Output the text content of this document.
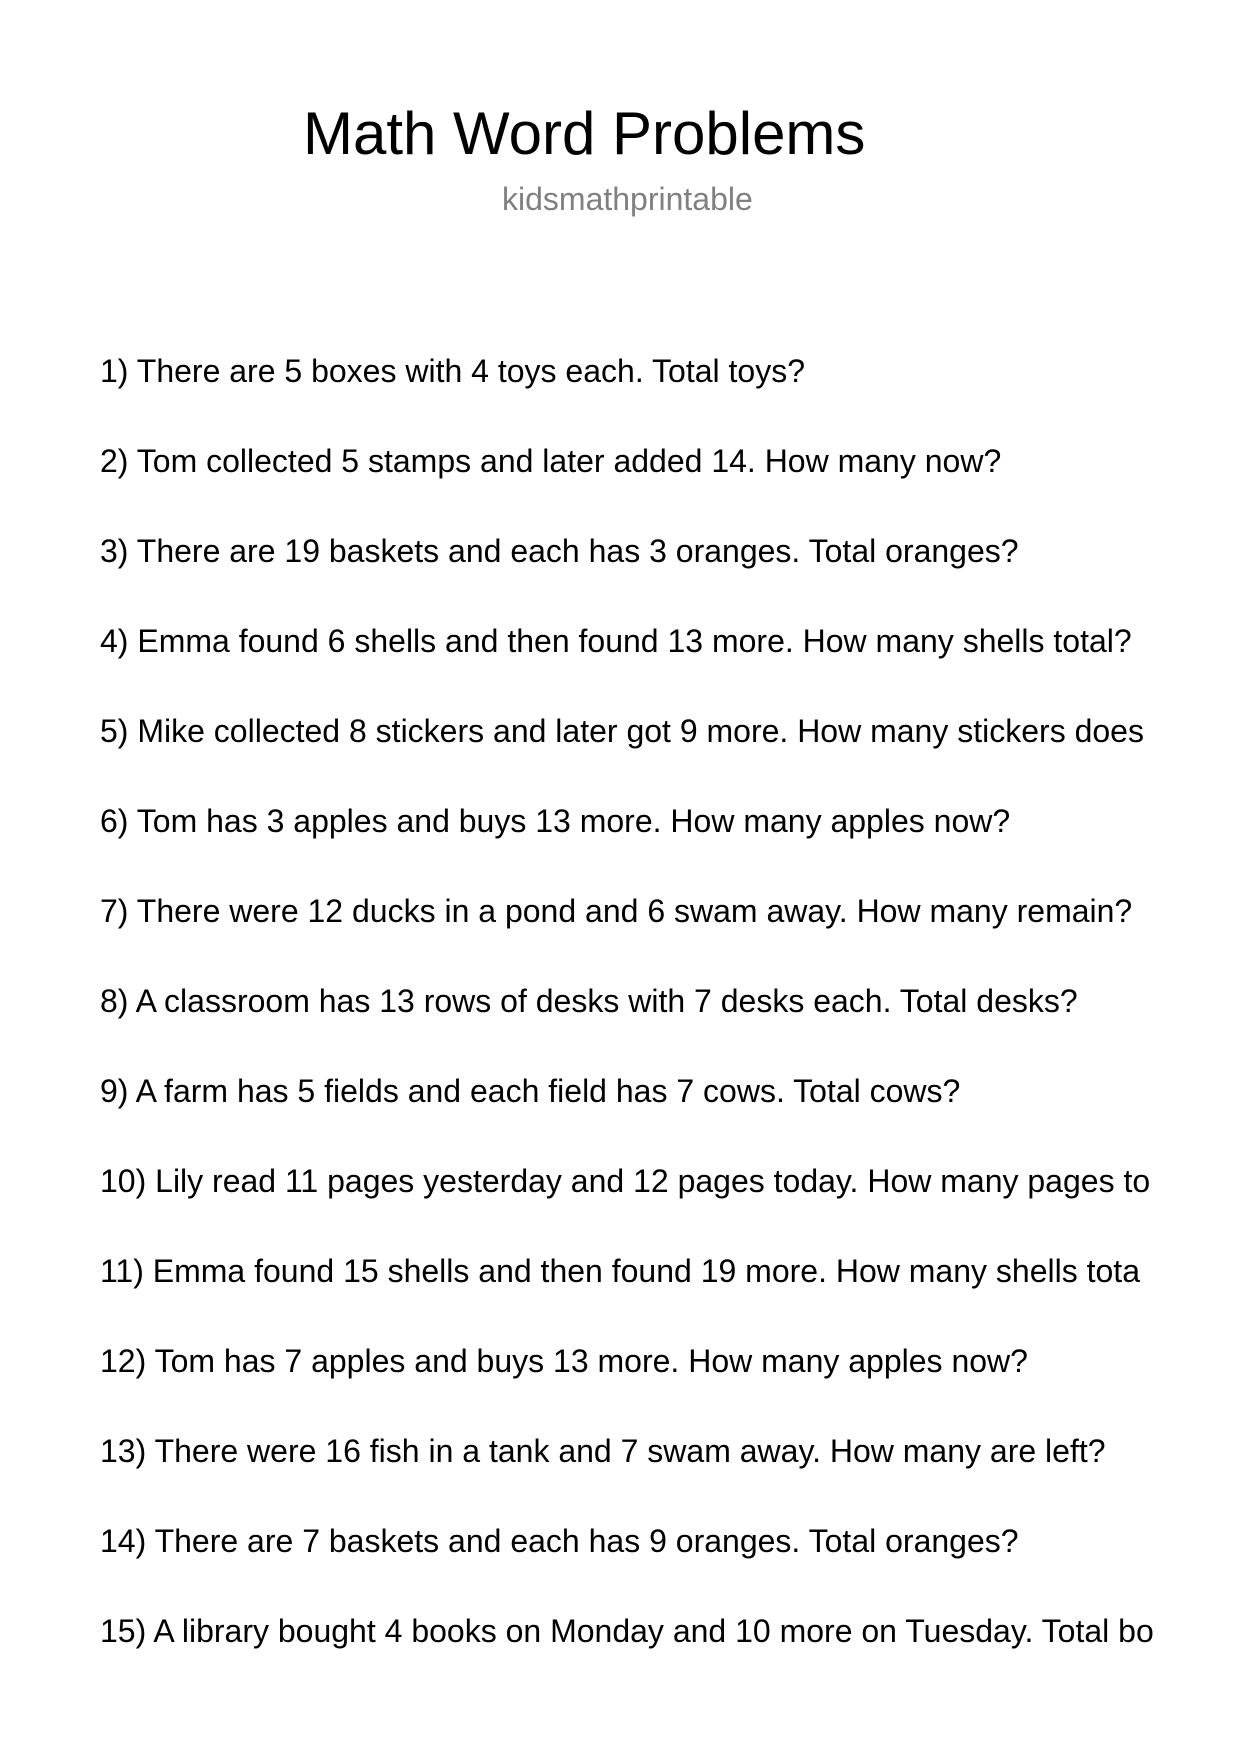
Math Word Problems
kidsmathprintable
1) There are 5 boxes with 4 toys each. Total toys?
2) Tom collected 5 stamps and later added 14. How many now?
3) There are 19 baskets and each has 3 oranges. Total oranges?
4) Emma found 6 shells and then found 13 more. How many shells total?
5) Mike collected 8 stickers and later got 9 more. How many stickers does
6) Tom has 3 apples and buys 13 more. How many apples now?
7) There were 12 ducks in a pond and 6 swam away. How many remain?
8) A classroom has 13 rows of desks with 7 desks each. Total desks?
9) A farm has 5 fields and each field has 7 cows. Total cows?
10) Lily read 11 pages yesterday and 12 pages today. How many pages to
11) Emma found 15 shells and then found 19 more. How many shells tota
12) Tom has 7 apples and buys 13 more. How many apples now?
13) There were 16 fish in a tank and 7 swam away. How many are left?
14) There are 7 baskets and each has 9 oranges. Total oranges?
15) A library bought 4 books on Monday and 10 more on Tuesday. Total bo
